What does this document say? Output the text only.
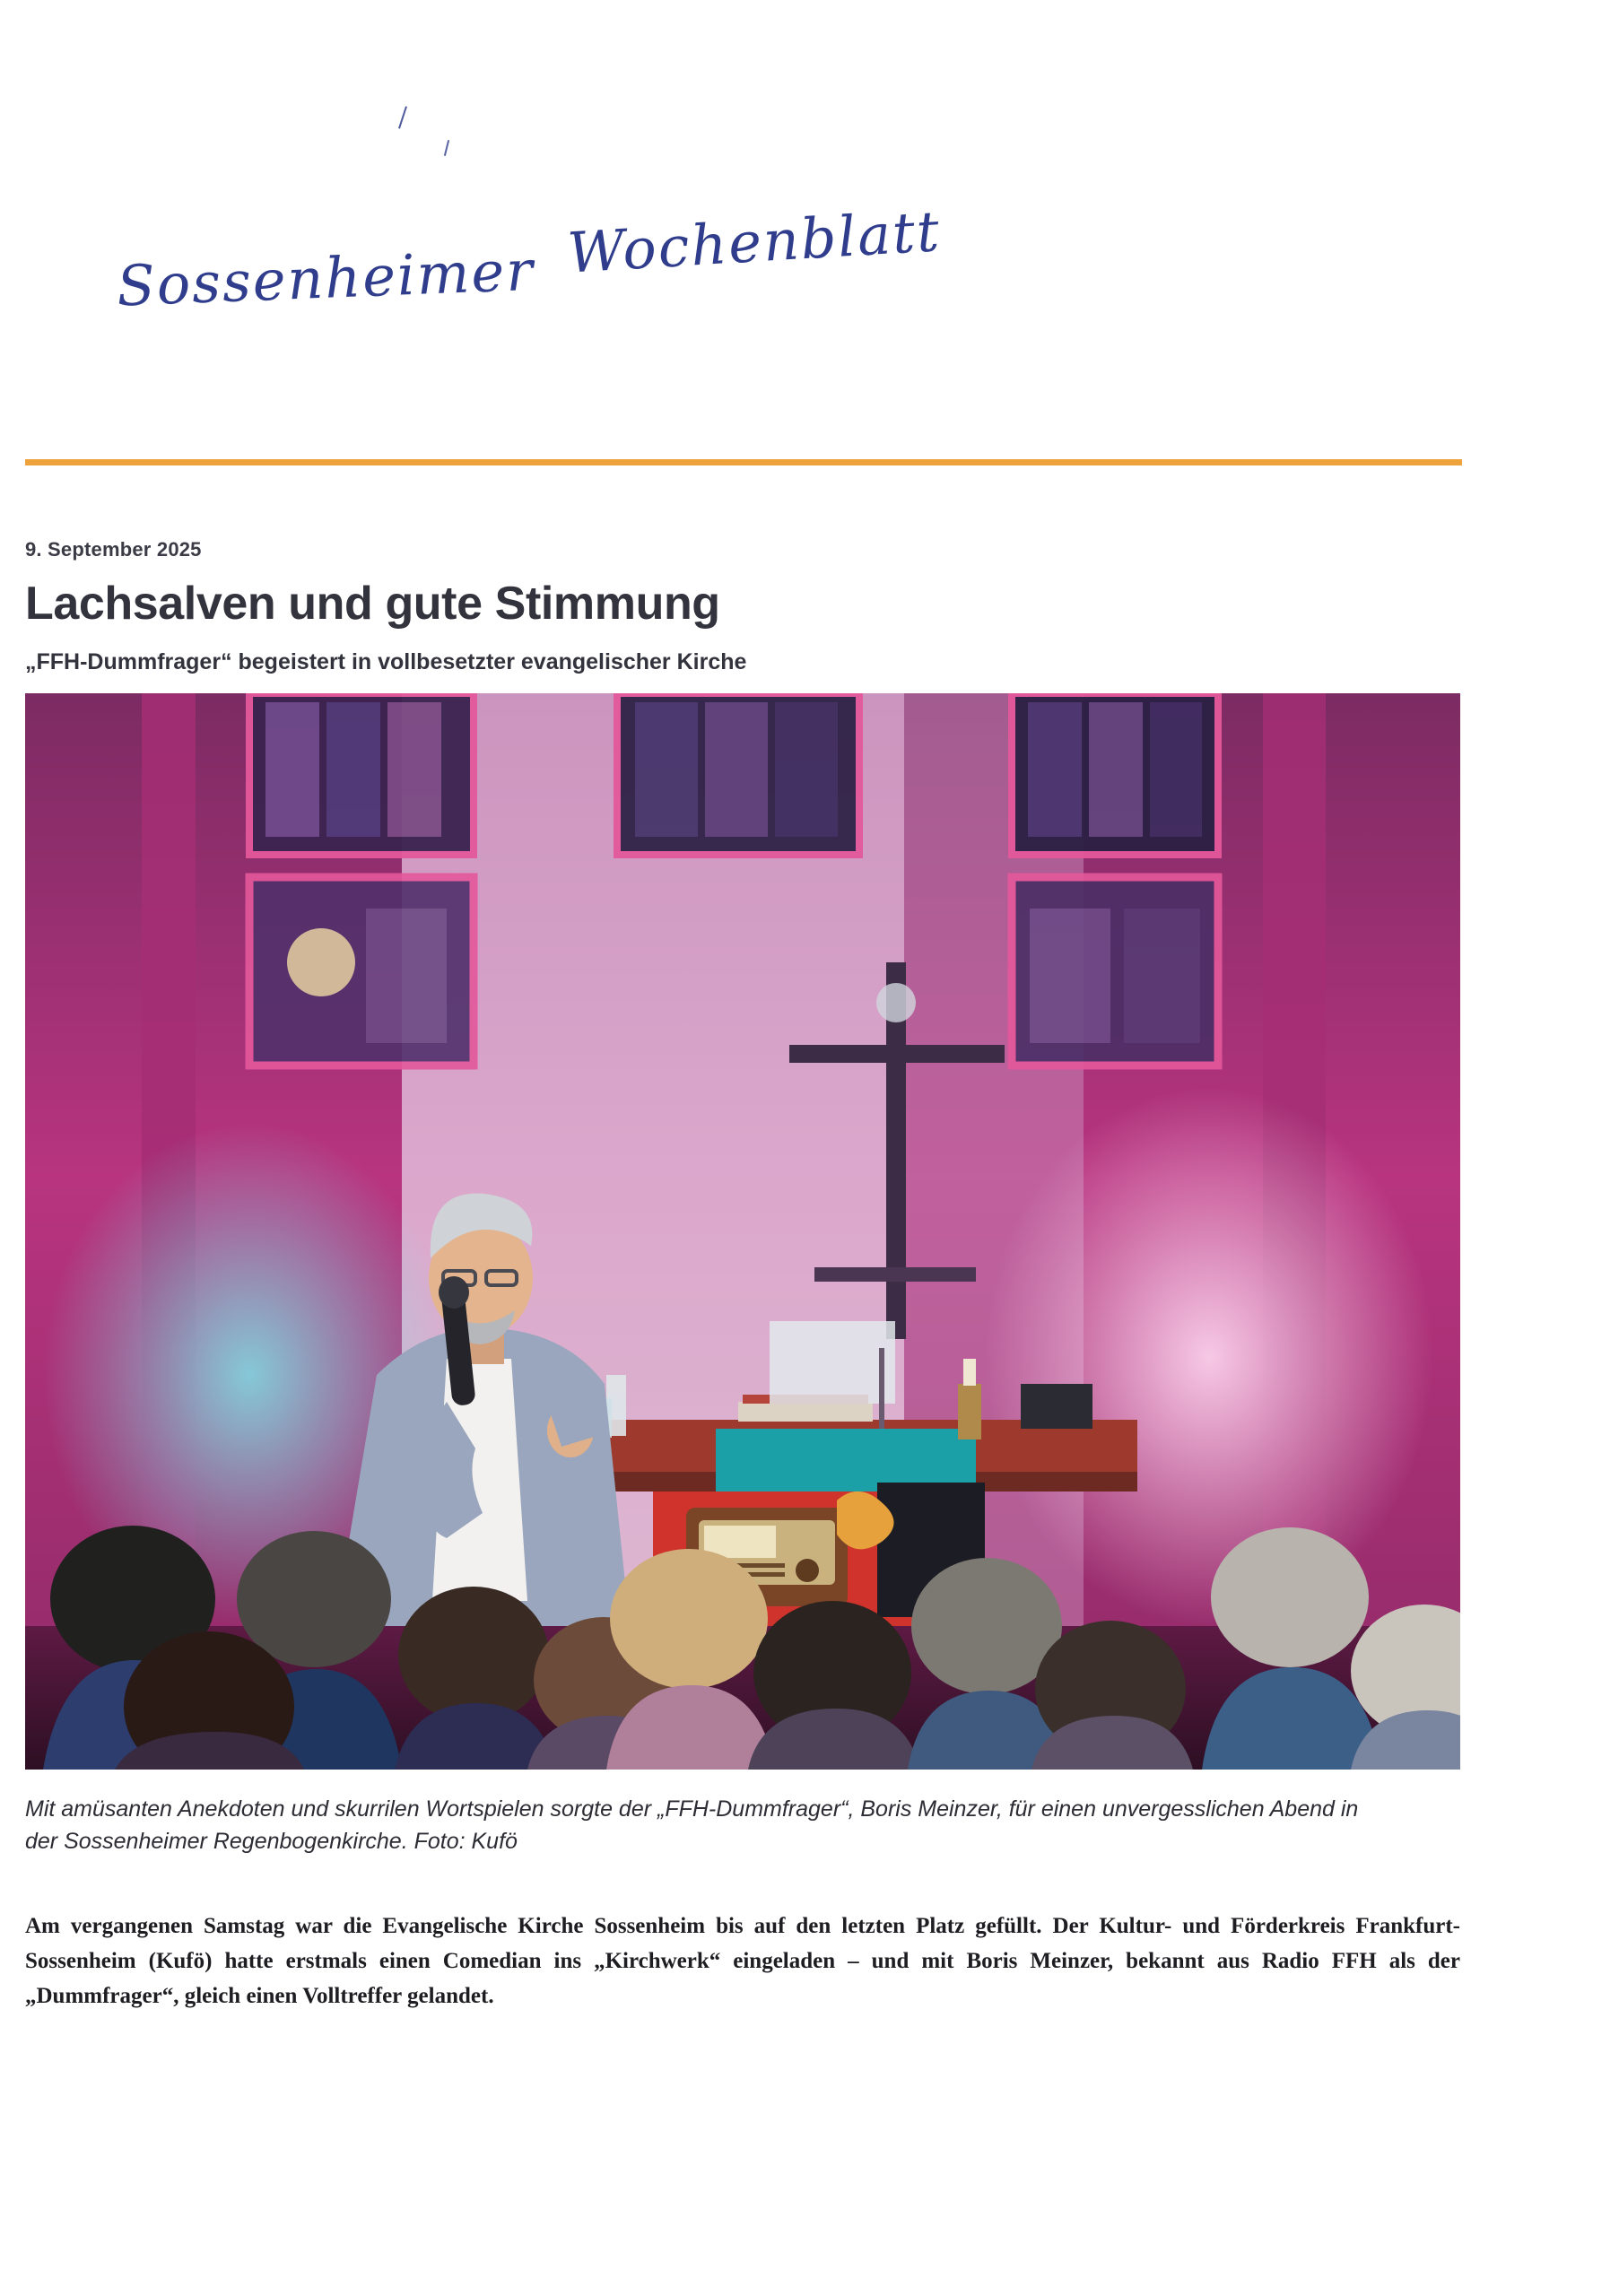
Sossenheimer Wochenblatt
9. September 2025
Lachsalven und gute Stimmung
„FFH-Dummfrager“ begeistert in vollbesetzter evangelischer Kirche

Mit amüsanten Anekdoten und skurrilen Wortspielen sorgte der „FFH-Dummfrager“, Boris Meinzer, für einen unvergesslichen Abend in der Sossenheimer Regenbogenkirche. Foto: Kufö

Am vergangenen Samstag war die Evangelische Kirche Sossenheim bis auf den letzten Platz gefüllt. Der Kultur- und Förderkreis Frankfurt-Sossenheim (Kufö) hatte erstmals einen Comedian ins „Kirchwerk“ eingeladen – und mit Boris Meinzer, bekannt aus Radio FFH als der „Dummfrager“, gleich einen Volltreffer gelandet.
